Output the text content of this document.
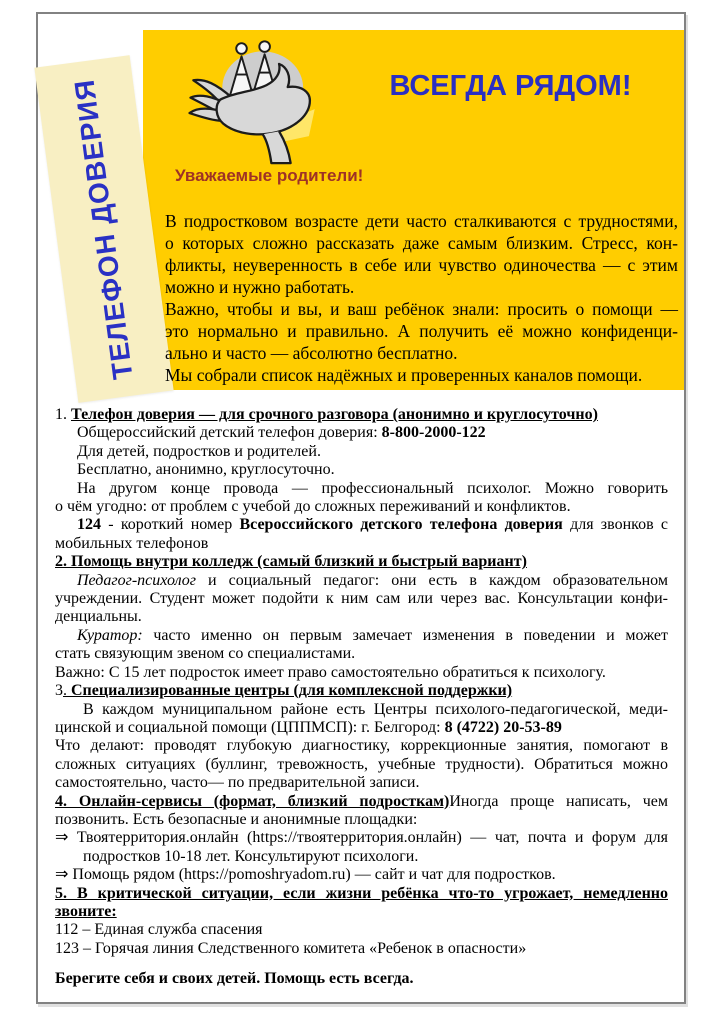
ТЕЛЕФОН ДОВЕРИЯ	ВСЕГДА РЯДОМ!
Уважаемые родители!
В подростковом возрасте дети часто сталкиваются с трудностями,
о которых сложно рассказать даже самым близким. Стресс, кон-
фликты, неуверенность в себе или чувство одиночества — с этим
можно и нужно работать.
Важно, чтобы и вы, и ваш ребёнок знали: просить о помощи —
это нормально и правильно. А получить её можно конфиденци-
ально и часто — абсолютно бесплатно.
Мы собрали список надёжных и проверенных каналов помощи.
1. Телефон доверия — для срочного разговора (анонимно и круглосуточно)
Общероссийский детский телефон доверия: 8-800-2000-122
Для детей, подростков и родителей.
Бесплатно, анонимно, круглосуточно.
На другом конце провода — профессиональный психолог. Можно говорить
о чём угодно: от проблем с учебой до сложных переживаний и конфликтов.
124 - короткий номер Всероссийского детского телефона доверия для звонков с
мобильных телефонов
2. Помощь внутри колледж (самый близкий и быстрый вариант)
Педагог-психолог и социальный педагог: они есть в каждом образовательном
учреждении. Студент может подойти к ним сам или через вас. Консультации конфи-
денциальны.
Куратор: часто именно он первым замечает изменения в поведении и может
стать связующим звеном со специалистами.
Важно: С 15 лет подросток имеет право самостоятельно обратиться к психологу.
3. Специализированные центры (для комплексной поддержки)
В каждом муниципальном районе есть Центры психолого-педагогической, меди-
цинской и социальной помощи (ЦППМСП): г. Белгород: 8 (4722) 20-53-89
Что делают: проводят глубокую диагностику, коррекционные занятия, помогают в
сложных ситуациях (буллинг, тревожность, учебные трудности). Обратиться можно
самостоятельно, часто— по предварительной записи.
4. Онлайн-сервисы (формат, близкий подросткам)Иногда проще написать, чем
позвонить. Есть безопасные и анонимные площадки:
⇒ Твоятерритория.онлайн (https://твоятерритория.онлайн) — чат, почта и форум для
подростков 10-18 лет. Консультируют психологи.
⇒ Помощь рядом (https://pomoshryadom.ru) — сайт и чат для подростков.
5. В критической ситуации, если жизни ребёнка что-то угрожает, немедленно
звоните:
112 – Единая служба спасения
123 – Горячая линия Следственного комитета «Ребенок в опасности»
Берегите себя и своих детей. Помощь есть всегда.
